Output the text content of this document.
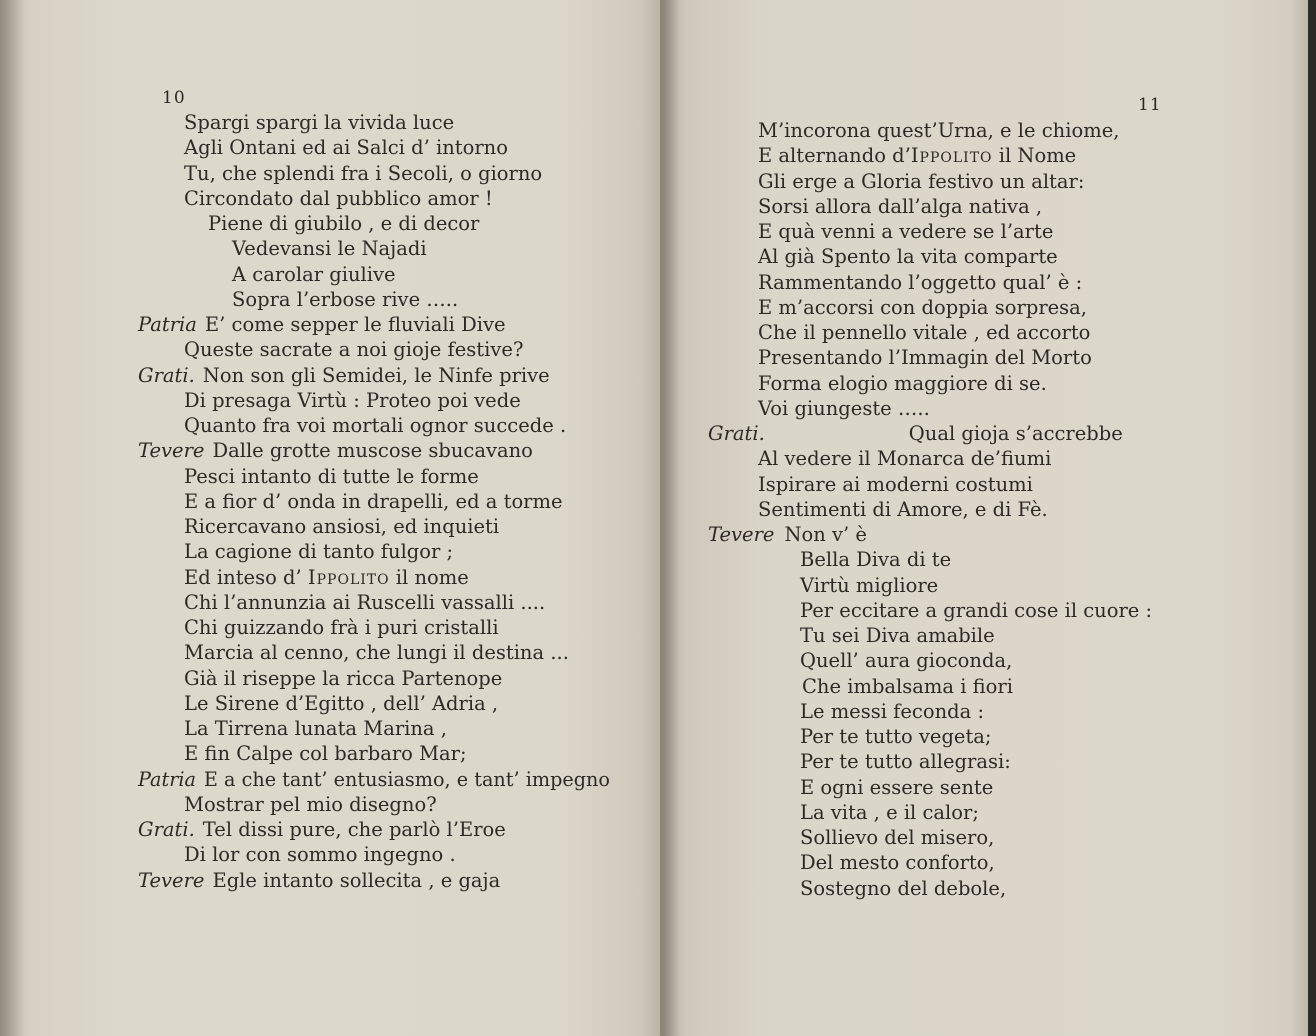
10
Spargi spargi la vivida luce
Agli Ontani ed ai Salci d’ intorno
Tu, che splendi fra i Secoli, o giorno
Circondato dal pubblico amor !
Piene di giubilo , e di decor
Vedevansi le Najadi
A carolar giulive
Sopra l’erbose rive …..
Patria E’ come sepper le fluviali Dive
Queste sacrate a noi gioje festive?
Grati. Non son gli Semidei, le Ninfe prive
Di presaga Virtù : Proteo poi vede
Quanto fra voi mortali ognor succede .
Tevere Dalle grotte muscose sbucavano
Pesci intanto di tutte le forme
E a fior d’ onda in drapelli, ed a torme
Ricercavano ansiosi, ed inquieti
La cagione di tanto fulgor ;
Ed inteso d’ Ippolito il nome
Chi l’annunzia ai Ruscelli vassalli ....
Chi guizzando frà i puri cristalli
Marcia al cenno, che lungi il destina ...
Già il riseppe la ricca Partenope
Le Sirene d’Egitto , dell’ Adria ,
La Tirrena lunata Marina ,
E fin Calpe col barbaro Mar;
Patria E a che tant’ entusiasmo, e tant’ impegno
Mostrar pel mio disegno?
Grati. Tel dissi pure, che parlò l’Eroe
Di lor con sommo ingegno .
Tevere Egle intanto sollecita , e gaja
11
M’incorona quest’Urna, e le chiome,
E alternando d’Ippolito il Nome
Gli erge a Gloria festivo un altar:
Sorsi allora dall’alga nativa ,
E quà venni a vedere se l’arte
Al già Spento la vita comparte
Rammentando l’oggetto qual’ è :
E m’accorsi con doppia sorpresa,
Che il pennello vitale , ed accorto
Presentando l’Immagin del Morto
Forma elogio maggiore di se.
Voi giungeste …..
Grati.	Qual gioja s’accrebbe
Al vedere il Monarca de’fiumi
Ispirare ai moderni costumi
Sentimenti di Amore, e di Fè.
Tevere Non v’ è
Bella Diva di te
Virtù migliore
Per eccitare a grandi cose il cuore :
Tu sei Diva amabile
Quell’ aura gioconda,
Che imbalsama i fiori
Le messi feconda :
Per te tutto vegeta;
Per te tutto allegrasi:
E ogni essere sente
La vita , e il calor;
Sollievo del misero,
Del mesto conforto,
Sostegno del debole,
